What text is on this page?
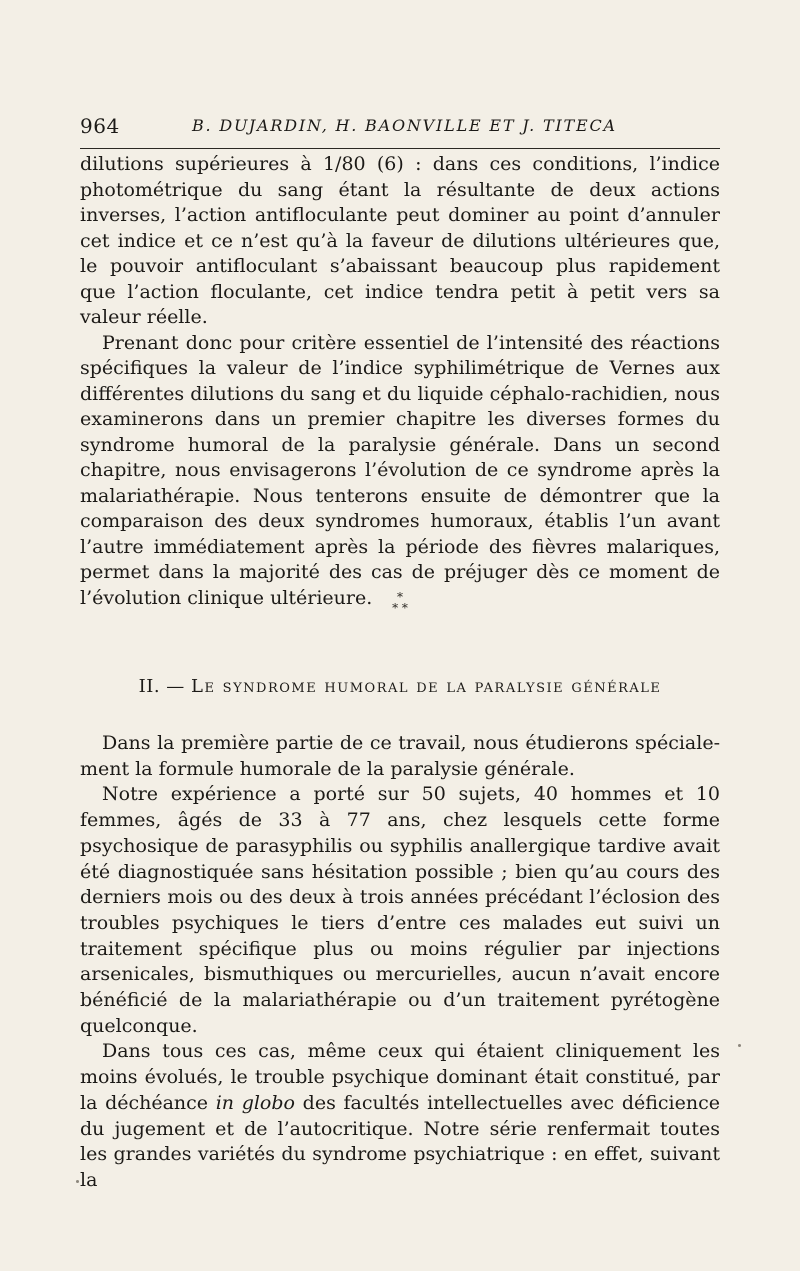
964	B. DUJARDIN, H. BAONVILLE ET J. TITECA

dilutions supérieures à 1/80 (6) : dans ces conditions, l’indice photométrique du sang étant la résultante de deux actions inverses, l’action antifloculante peut dominer au point d’annuler cet indice et ce n’est qu’à la faveur de dilutions ultérieures que, le pouvoir antifloculant s’abaissant beaucoup plus rapidement que l’action floculante, cet indice tendra petit à petit vers sa valeur réelle.

Prenant donc pour critère essentiel de l’intensité des réactions spécifiques la valeur de l’indice syphilimétrique de Vernes aux différentes dilutions du sang et du liquide céphalo-rachidien, nous examinerons dans un premier chapitre les diverses formes du syndrome humoral de la paralysie générale. Dans un second chapitre, nous envisagerons l’évolution de ce syndrome après la malariathérapie. Nous tenterons ensuite de démontrer que la comparaison des deux syndromes humoraux, établis l’un avant l’autre immédiatement après la période des fièvres malariques, permet dans la majorité des cas de préjuger dès ce moment de l’évolution clinique ultérieure.	*
* *
II. — Le syndrome humoral de la paralysie générale

Dans la première partie de ce travail, nous étudierons spécialement la formule humorale de la paralysie générale.

Notre expérience a porté sur 50 sujets, 40 hommes et 10 femmes, âgés de 33 à 77 ans, chez lesquels cette forme psychosique de parasyphilis ou syphilis anallergique tardive avait été diagnostiquée sans hésitation possible ; bien qu’au cours des derniers mois ou des deux à trois années précédant l’éclosion des troubles psychiques le tiers d’entre ces malades eut suivi un traitement spécifique plus ou moins régulier par injections arsenicales, bismuthiques ou mercurielles, aucun n’avait encore bénéficié de la malariathérapie ou d’un traitement pyrétogène quelconque.

Dans tous ces cas, même ceux qui étaient cliniquement les moins évolués, le trouble psychique dominant était constitué, par la déchéance in globo des facultés intellectuelles avec déficience du jugement et de l’autocritique. Notre série renfermait toutes les grandes variétés du syndrome psychiatrique : en effet, suivant la
